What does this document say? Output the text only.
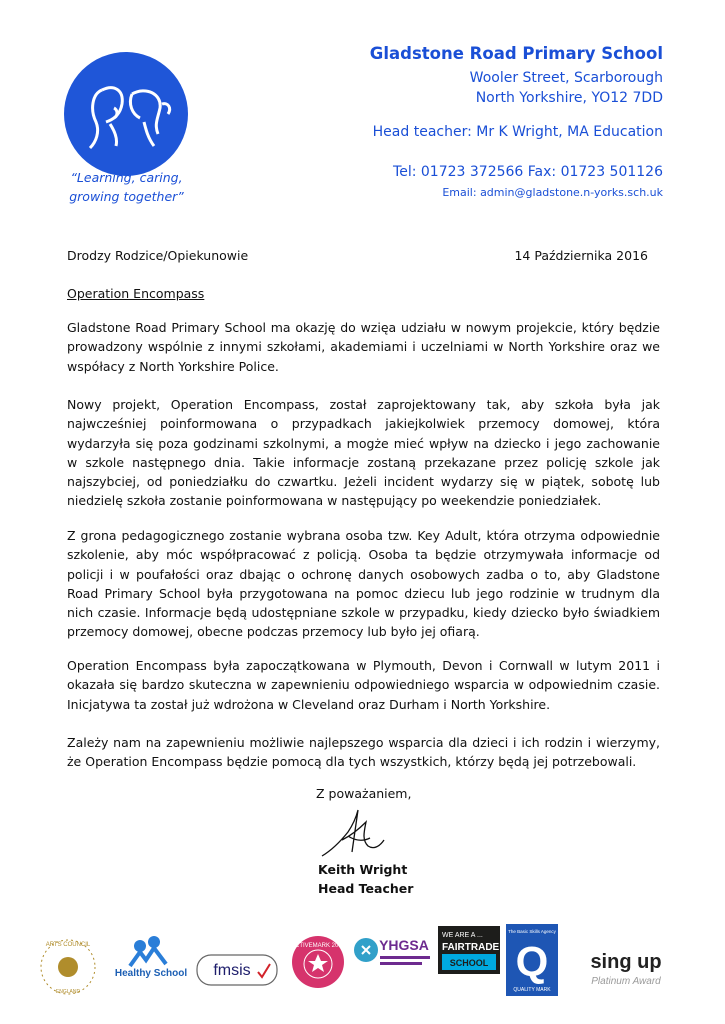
“Learning, caring,
growing together”
Gladstone Road Primary School
Wooler Street, Scarborough
North Yorkshire, YO12 7DD
Head teacher: Mr K Wright, MA Education
Tel: 01723 372566 Fax: 01723 501126
Email: admin@gladstone.n-yorks.sch.uk
Drodzy Rodzice/Opiekunowie	14 Października 2016
Operation Encompass
Gladstone Road Primary School ma okazję do wzięa udziału w nowym projekcie, który będzie prowadzony wspólnie z innymi szkołami, akademiami i uczelniami w North Yorkshire oraz we współacy z North Yorkshire Police.
Nowy projekt, Operation Encompass, został zaprojektowany tak, aby szkoła była jak najwcześniej poinformowana o przypadkach jakiejkolwiek przemocy domowej, która wydarzyła się poza godzinami szkolnymi, a mogże mieć wpływ na dziecko i jego zachowanie w szkole następnego dnia. Takie informacje zostaną przekazane przez policję szkole jak najszybciej, od poniedziałku do czwartku. Jeżeli incident wydarzy się w piątek, sobotę lub niedzielę szkoła zostanie poinformowana w następujący po weekendzie poniedziałek.
Z grona pedagogicznego zostanie wybrana osoba tzw. Key Adult, która otrzyma odpowiednie szkolenie, aby móc współpracować z policją. Osoba ta będzie otrzymywała informacje od policji i w poufałości oraz dbając o ochronę danych osobowych zadba o to, aby Gladstone Road Primary School była przygotowana na pomoc dziecu lub jego rodzinie w trudnym dla nich czasie. Informacje będą udostępniane szkole w przypadku, kiedy dziecko było świadkiem przemocy domowej, obecne podczas przemocy lub było jej ofiarą.
Operation Encompass była zapoczątkowana w Plymouth, Devon i Cornwall w lutym 2011 i okazała się bardzo skuteczna w zapewnieniu odpowiedniego wsparcia w odpowiednim czasie. Inicjatywa ta został już wdrożona w Cleveland oraz Durham i North Yorkshire.
Zależy nam na zapewnieniu możliwie najlepszego wsparcia dla dzieci i ich rodzin i wierzymy, że Operation Encompass będzie pomocą dla tych wszystkich, którzy będą jej potrzebowali.
Z poważaniem,
Keith Wright
Head Teacher
ARTS COUNCIL
ENGLAND
Healthy School fmsis
ACTIVEMARK 2008 YHGSA
WE ARE A ...
FAIRTRADE
SCHOOL
The Basic Skills Agency
Q
QUALITY MARK
sing up
Platinum Award
